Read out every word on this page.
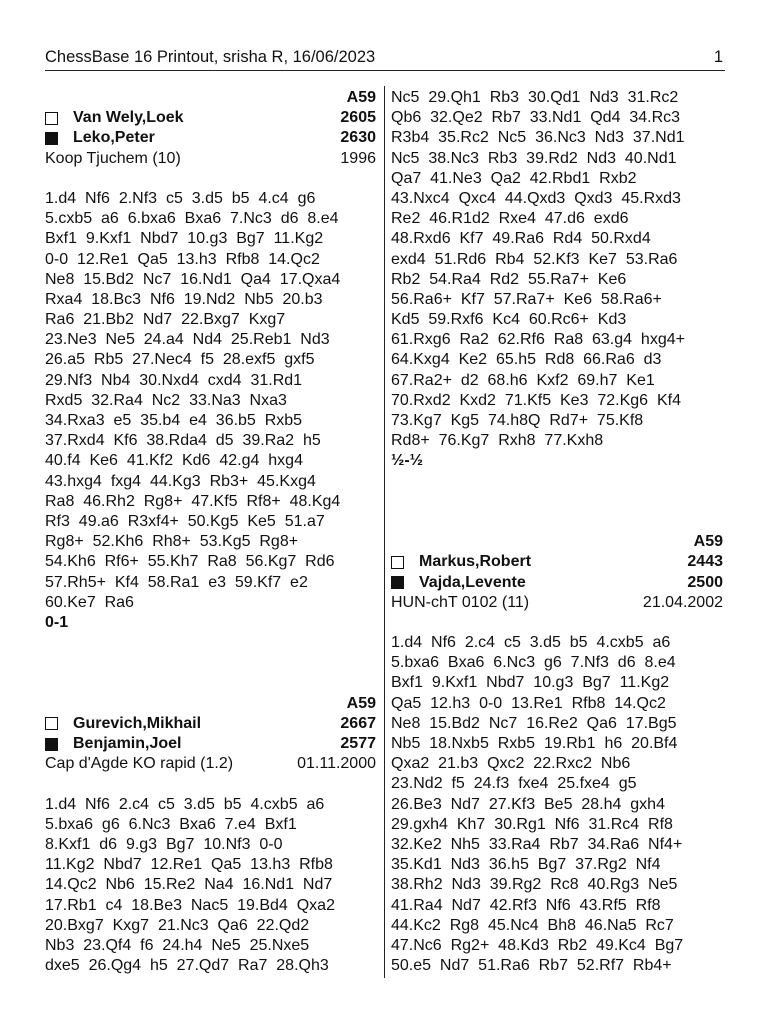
ChessBase 16 Printout, srisha R, 16/06/2023	1
A59
Van Wely,Loek	2605
Leko,Peter	2630
Koop Tjuchem (10)	1996
1.d4  Nf6  2.Nf3  c5  3.d5  b5  4.c4  g6
5.cxb5  a6  6.bxa6  Bxa6  7.Nc3  d6  8.e4
Bxf1  9.Kxf1  Nbd7  10.g3  Bg7  11.Kg2
0-0  12.Re1  Qa5  13.h3  Rfb8  14.Qc2
Ne8  15.Bd2  Nc7  16.Nd1  Qa4  17.Qxa4
Rxa4  18.Bc3  Nf6  19.Nd2  Nb5  20.b3
Ra6  21.Bb2  Nd7  22.Bxg7  Kxg7
23.Ne3  Ne5  24.a4  Nd4  25.Reb1  Nd3
26.a5  Rb5  27.Nec4  f5  28.exf5  gxf5
29.Nf3  Nb4  30.Nxd4  cxd4  31.Rd1
Rxd5  32.Ra4  Nc2  33.Na3  Nxa3
34.Rxa3  e5  35.b4  e4  36.b5  Rxb5
37.Rxd4  Kf6  38.Rda4  d5  39.Ra2  h5
40.f4  Ke6  41.Kf2  Kd6  42.g4  hxg4
43.hxg4  fxg4  44.Kg3  Rb3+  45.Kxg4
Ra8  46.Rh2  Rg8+  47.Kf5  Rf8+  48.Kg4
Rf3  49.a6  R3xf4+  50.Kg5  Ke5  51.a7
Rg8+  52.Kh6  Rh8+  53.Kg5  Rg8+
54.Kh6  Rf6+  55.Kh7  Ra8  56.Kg7  Rd6
57.Rh5+  Kf4  58.Ra1  e3  59.Kf7  e2
60.Ke7  Ra6
0-1
A59
Gurevich,Mikhail	2667
Benjamin,Joel	2577
Cap d'Agde KO rapid (1.2)	01.11.2000
1.d4  Nf6  2.c4  c5  3.d5  b5  4.cxb5  a6
5.bxa6  g6  6.Nc3  Bxa6  7.e4  Bxf1
8.Kxf1  d6  9.g3  Bg7  10.Nf3  0-0
11.Kg2  Nbd7  12.Re1  Qa5  13.h3  Rfb8
14.Qc2  Nb6  15.Re2  Na4  16.Nd1  Nd7
17.Rb1  c4  18.Be3  Nac5  19.Bd4  Qxa2
20.Bxg7  Kxg7  21.Nc3  Qa6  22.Qd2
Nb3  23.Qf4  f6  24.h4  Ne5  25.Nxe5
dxe5  26.Qg4  h5  27.Qd7  Ra7  28.Qh3
Nc5  29.Qh1  Rb3  30.Qd1  Nd3  31.Rc2
Qb6  32.Qe2  Rb7  33.Nd1  Qd4  34.Rc3
R3b4  35.Rc2  Nc5  36.Nc3  Nd3  37.Nd1
Nc5  38.Nc3  Rb3  39.Rd2  Nd3  40.Nd1
Qa7  41.Ne3  Qa2  42.Rbd1  Rxb2
43.Nxc4  Qxc4  44.Qxd3  Qxd3  45.Rxd3
Re2  46.R1d2  Rxe4  47.d6  exd6
48.Rxd6  Kf7  49.Ra6  Rd4  50.Rxd4
exd4  51.Rd6  Rb4  52.Kf3  Ke7  53.Ra6
Rb2  54.Ra4  Rd2  55.Ra7+  Ke6
56.Ra6+  Kf7  57.Ra7+  Ke6  58.Ra6+
Kd5  59.Rxf6  Kc4  60.Rc6+  Kd3
61.Rxg6  Ra2  62.Rf6  Ra8  63.g4  hxg4+
64.Kxg4  Ke2  65.h5  Rd8  66.Ra6  d3
67.Ra2+  d2  68.h6  Kxf2  69.h7  Ke1
70.Rxd2  Kxd2  71.Kf5  Ke3  72.Kg6  Kf4
73.Kg7  Kg5  74.h8Q  Rd7+  75.Kf8
Rd8+  76.Kg7  Rxh8  77.Kxh8
½-½
A59
Markus,Robert	2443
Vajda,Levente	2500
HUN-chT 0102 (11)	21.04.2002
1.d4  Nf6  2.c4  c5  3.d5  b5  4.cxb5  a6
5.bxa6  Bxa6  6.Nc3  g6  7.Nf3  d6  8.e4
Bxf1  9.Kxf1  Nbd7  10.g3  Bg7  11.Kg2
Qa5  12.h3  0-0  13.Re1  Rfb8  14.Qc2
Ne8  15.Bd2  Nc7  16.Re2  Qa6  17.Bg5
Nb5  18.Nxb5  Rxb5  19.Rb1  h6  20.Bf4
Qxa2  21.b3  Qxc2  22.Rxc2  Nb6
23.Nd2  f5  24.f3  fxe4  25.fxe4  g5
26.Be3  Nd7  27.Kf3  Be5  28.h4  gxh4
29.gxh4  Kh7  30.Rg1  Nf6  31.Rc4  Rf8
32.Ke2  Nh5  33.Ra4  Rb7  34.Ra6  Nf4+
35.Kd1  Nd3  36.h5  Bg7  37.Rg2  Nf4
38.Rh2  Nd3  39.Rg2  Rc8  40.Rg3  Ne5
41.Ra4  Nd7  42.Rf3  Nf6  43.Rf5  Rf8
44.Kc2  Rg8  45.Nc4  Bh8  46.Na5  Rc7
47.Nc6  Rg2+  48.Kd3  Rb2  49.Kc4  Bg7
50.e5  Nd7  51.Ra6  Rb7  52.Rf7  Rb4+
